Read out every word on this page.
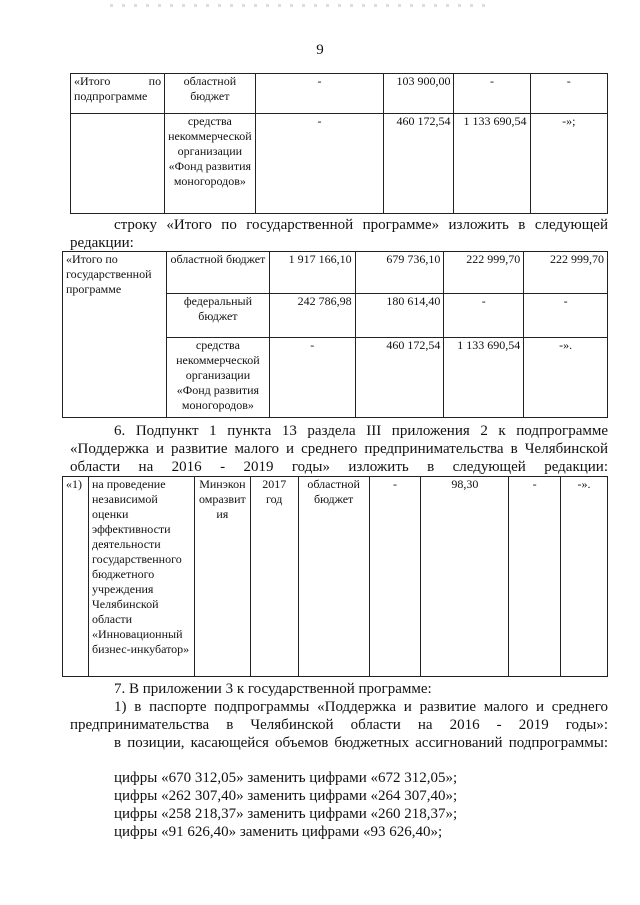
9
«Итого по подпрограмме	областной бюджет	-	103 900,00	-	-
	средства некоммерческой организации «Фонд развития моногородов»	-	460 172,54	1 133 690,54	-»;
строку «Итого по государственной программе» изложить в следующей редакции:
«Итого по государственной программе	областной бюджет	1 917 166,10	679 736,10	222 999,70	222 999,70
	федеральный бюджет	242 786,98	180 614,40	-	-
	средства некоммерческой организации «Фонд развития моногородов»	-	460 172,54	1 133 690,54	-».
6. Подпункт 1 пункта 13 раздела III приложения 2 к подпрограмме «Поддержка и развитие малого и среднего предпринимательства в Челябинской области на 2016 - 2019 годы» изложить в следующей редакции:
«1)	на проведение независимой оценки эффективности деятельности государственного бюджетного учреждения Челябинской области «Инновационный бизнес-инкубатор»	Минэкономразвития	2017 год	областной бюджет	-	98,30	-	-».
7. В приложении 3 к государственной программе:
1) в паспорте подпрограммы «Поддержка и развитие малого и среднего предпринимательства в Челябинской области на 2016 - 2019 годы»:
в позиции, касающейся объемов бюджетных ассигнований подпрограммы:
цифры «670 312,05» заменить цифрами «672 312,05»;
цифры «262 307,40» заменить цифрами «264 307,40»;
цифры «258 218,37» заменить цифрами «260 218,37»;
цифры «91 626,40» заменить цифрами «93 626,40»;
